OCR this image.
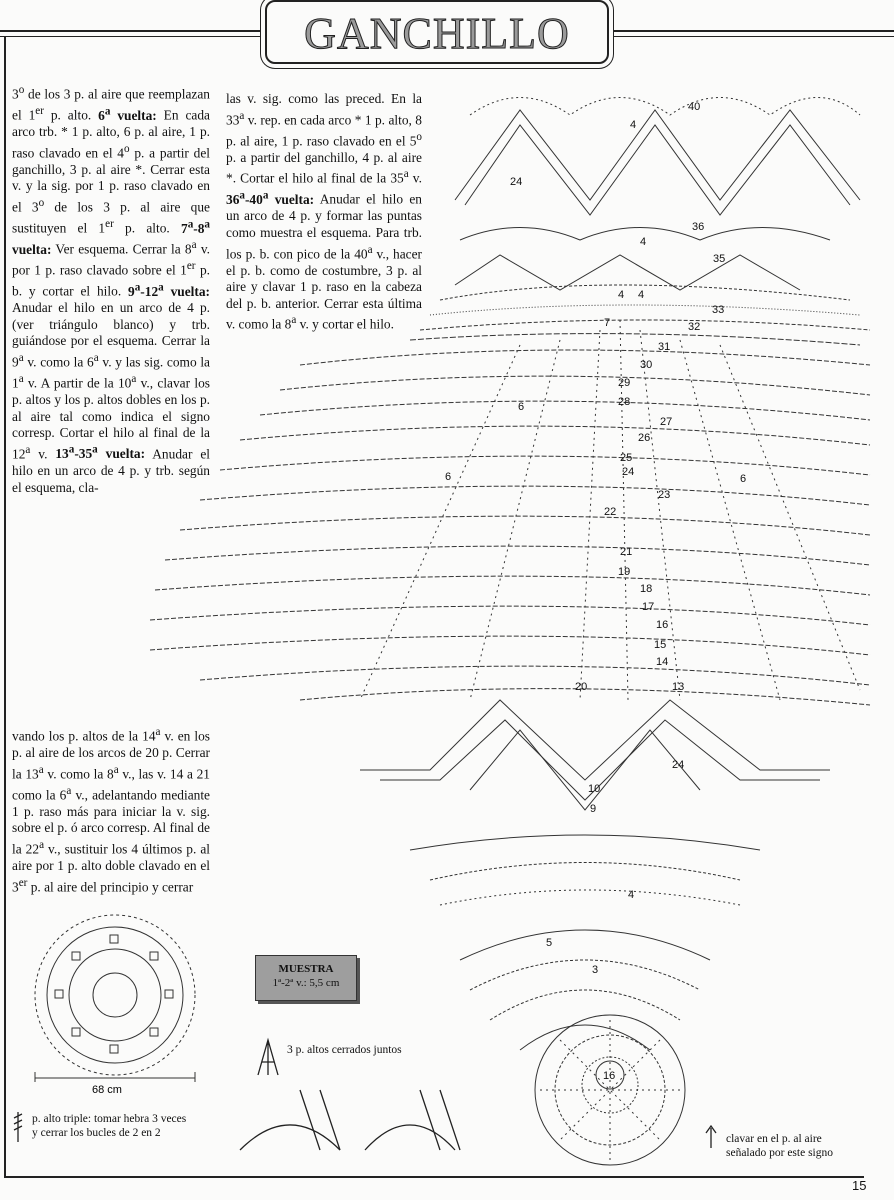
GANCHILLO
3$^o$ de los 3 p. al aire que reemplazan el 1er p. alto. 6$^a$ vuelta: En cada arco trb. * 1 p. alto, 6 p. al aire, 1 p. raso clavado en el 4$^o$ p. a partir del ganchillo, 3 p. al aire *. Cerrar esta v. y la sig. por 1 p. raso clavado en el 3$^o$ de los 3 p. al aire que sustituyen el 1er p. alto. 7$^a$-8$^a$ vuelta: Ver esquema. Cerrar la 8$^a$ v. por 1 p. raso clavado sobre el 1er p. b. y cortar el hilo. 9$^a$-12$^a$ vuelta: Anudar el hilo en un arco de 4 p. (ver triángulo blanco) y trb. guiándose por el esquema. Cerrar la 9$^a$ v. como la 6$^a$ v. y las sig. como la 1$^a$ v. A partir de la 10$^a$ v., clavar los p. altos y los p. altos dobles en los p. al aire tal como indica el signo corresp. Cortar el hilo al final de la 12$^a$ v. 13$^a$-35$^a$ vuelta: Anudar el hilo en un arco de 4 p. y trb. según el esquema, cla-
las v. sig. como las preced. En la 33$^a$ v. rep. en cada arco * 1 p. alto, 8 p. al aire, 1 p. raso clavado en el 5$^o$ p. a partir del ganchillo, 4 p. al aire *. Cortar el hilo al final de la 35$^a$ v. 36$^a$-40$^a$ vuelta: Anudar el hilo en un arco de 4 p. y formar las puntas como muestra el esquema. Para trb. los p. b. con pico de la 40$^a$ v., hacer el p. b. como de costumbre, 3 p. al aire y clavar 1 p. raso en la cabeza del p. b. anterior. Cerrar esta última v. como la 8$^a$ v. y cortar el hilo.
vando los p. altos de la 14$^a$ v. en los p. al aire de los arcos de 20 p. Cerrar la 13$^a$ v. como la 8$^a$ v., las v. 14 a 21 como la 6$^a$ v., adelantando mediante 1 p. raso más para iniciar la v. sig. sobre el p. ó arco corresp. Al final de la 22$^a$ v., sustituir los 4 últimos p. al aire por 1 p. alto doble clavado en el 3er p. al aire del principio y cerrar
40
4
24
36
4
35
4 4
33
7	32
31
30
29
6	28
27
26
25
6	6
24
23
22
21
19
18
17
16
15
14
13
20
24
10
9
4
5
3
16
68 cm
MUESTRA
1ª-2ª v.: 5,5 cm
3 p. altos cerrados juntos
p. alto triple: tomar hebra 3 veces
y cerrar los bucles de 2 en 2	clavar en el p. al aire
señalado por este signo
15
